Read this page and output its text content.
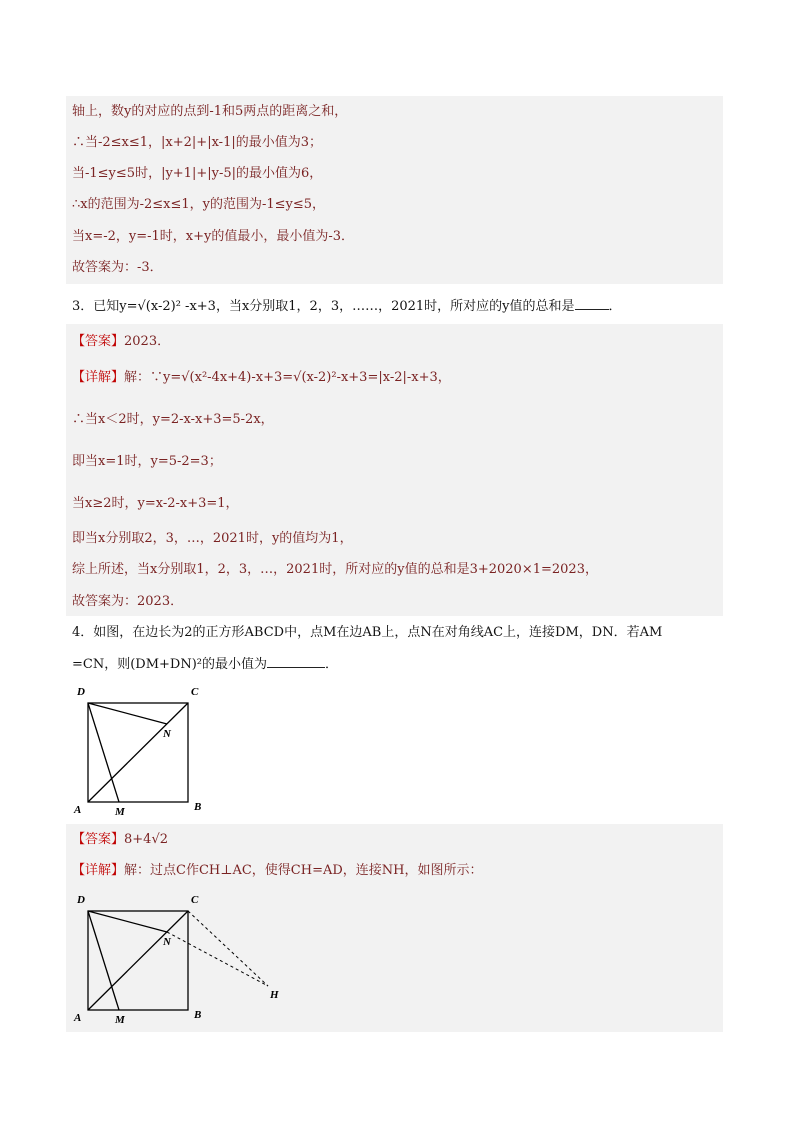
轴上，数y的对应的点到-1和5两点的距离之和，
∴当-2≤x≤1，|x+2|+|x-1|的最小值为3；
当-1≤y≤5时，|y+1|+|y-5|的最小值为6，
∴x的范围为-2≤x≤1，y的范围为-1≤y≤5，
当x=-2，y=-1时，x+y的值最小，最小值为-3．
故答案为：-3．
3．已知y=√(x-2)² -x+3，当x分别取1，2，3，……，2021时，所对应的y值的总和是	．
【答案】2023．
【详解】解：∵y=√(x²-4x+4)-x+3=√(x-2)²-x+3=|x-2|-x+3，
∴当x＜2时，y=2-x-x+3=5-2x，
即当x=1时，y=5-2=3；
当x≥2时，y=x-2-x+3=1，
即当x分别取2，3，…，2021时，y的值均为1，
综上所述，当x分别取1，2，3，…，2021时，所对应的y值的总和是3+2020×1=2023，
故答案为：2023．
4．如图，在边长为2的正方形ABCD中，点M在边AB上，点N在对角线AC上，连接DM，DN．若AM
=CN，则(DM+DN)²的最小值为	．
D	C
N
A	M	B
【答案】8+4√2
【详解】解：过点C作CH⊥AC，使得CH=AD，连接NH，如图所示：
D	C
N
A	M	B
H
